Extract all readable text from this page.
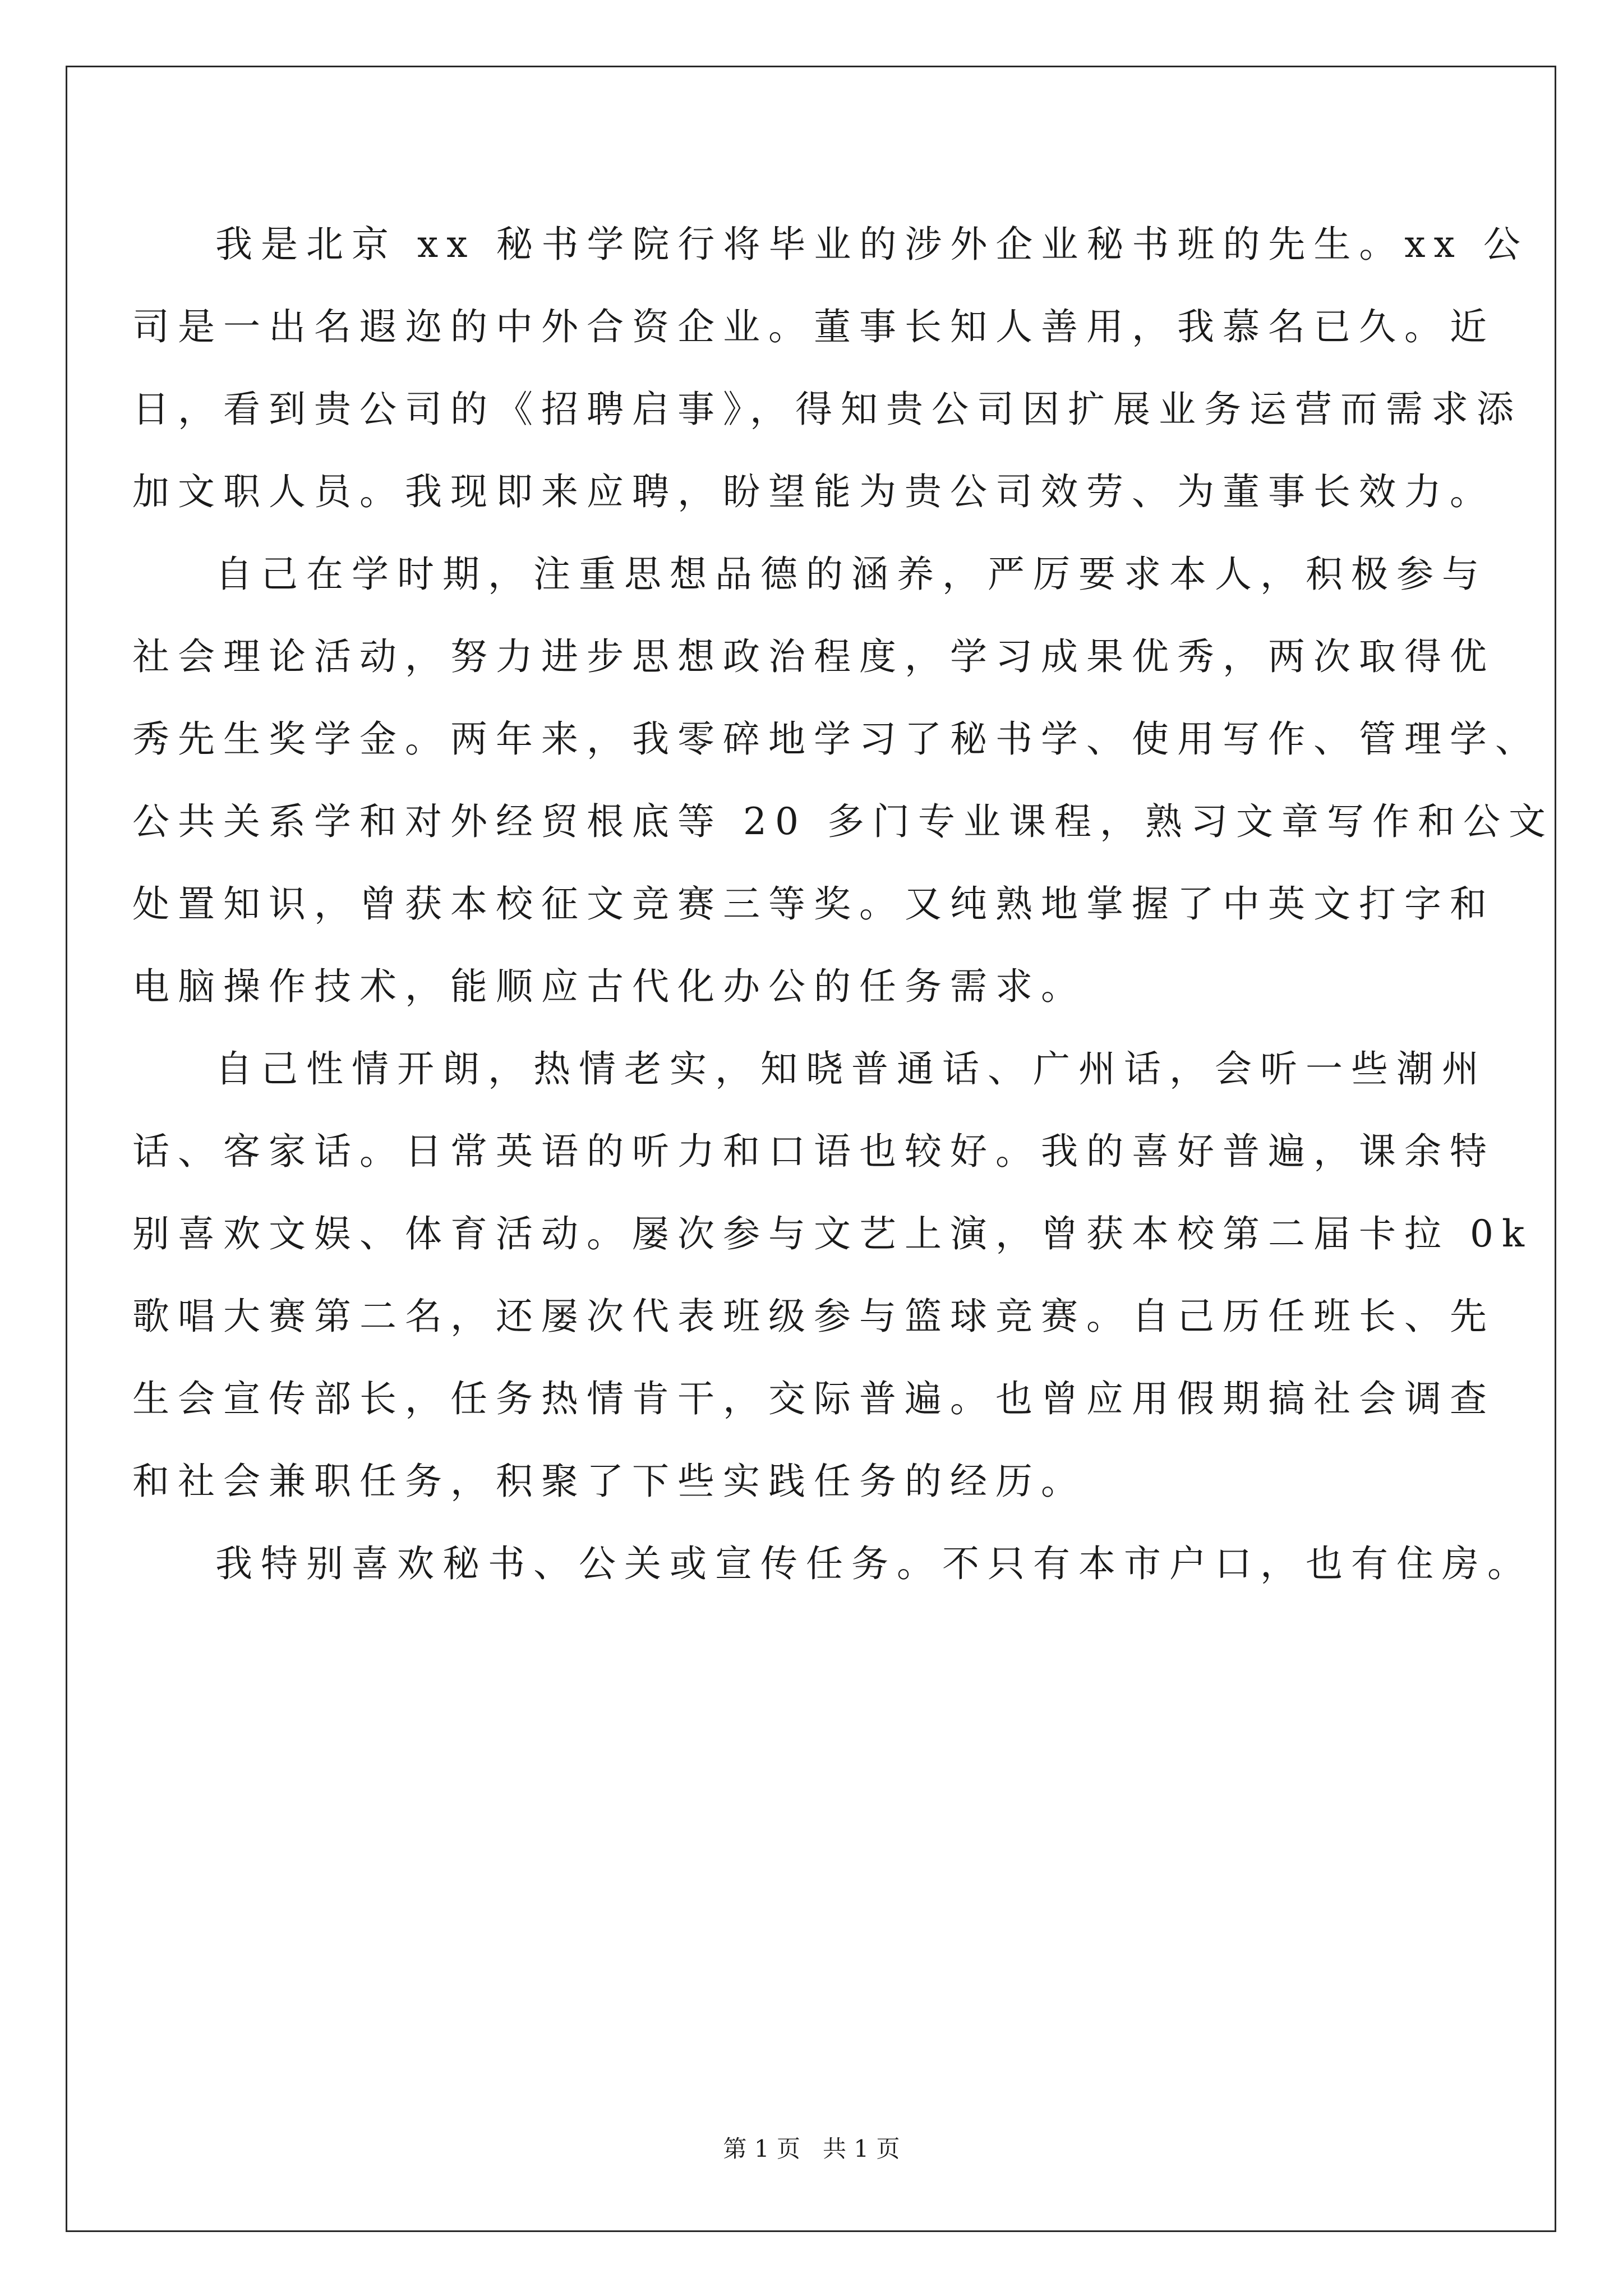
我是北京 xx 秘书学院行将毕业的涉外企业秘书班的先生。xx 公
司是一出名遐迩的中外合资企业。董事长知人善用，我慕名已久。近
日，看到贵公司的《招聘启事》，得知贵公司因扩展业务运营而需求添
加文职人员。我现即来应聘，盼望能为贵公司效劳、为董事长效力。
自己在学时期，注重思想品德的涵养，严厉要求本人，积极参与
社会理论活动，努力进步思想政治程度，学习成果优秀，两次取得优
秀先生奖学金。两年来，我零碎地学习了秘书学、使用写作、管理学、
公共关系学和对外经贸根底等 20 多门专业课程，熟习文章写作和公文
处置知识，曾获本校征文竞赛三等奖。又纯熟地掌握了中英文打字和
电脑操作技术，能顺应古代化办公的任务需求。
自己性情开朗，热情老实，知晓普通话、广州话，会听一些潮州
话、客家话。日常英语的听力和口语也较好。我的喜好普遍，课余特
别喜欢文娱、体育活动。屡次参与文艺上演，曾获本校第二届卡拉 0k
歌唱大赛第二名，还屡次代表班级参与篮球竞赛。自己历任班长、先
生会宣传部长，任务热情肯干，交际普遍。也曾应用假期搞社会调查
和社会兼职任务，积聚了下些实践任务的经历。
我特别喜欢秘书、公关或宣传任务。不只有本市户口，也有住房。
第 1 页   共 1 页
